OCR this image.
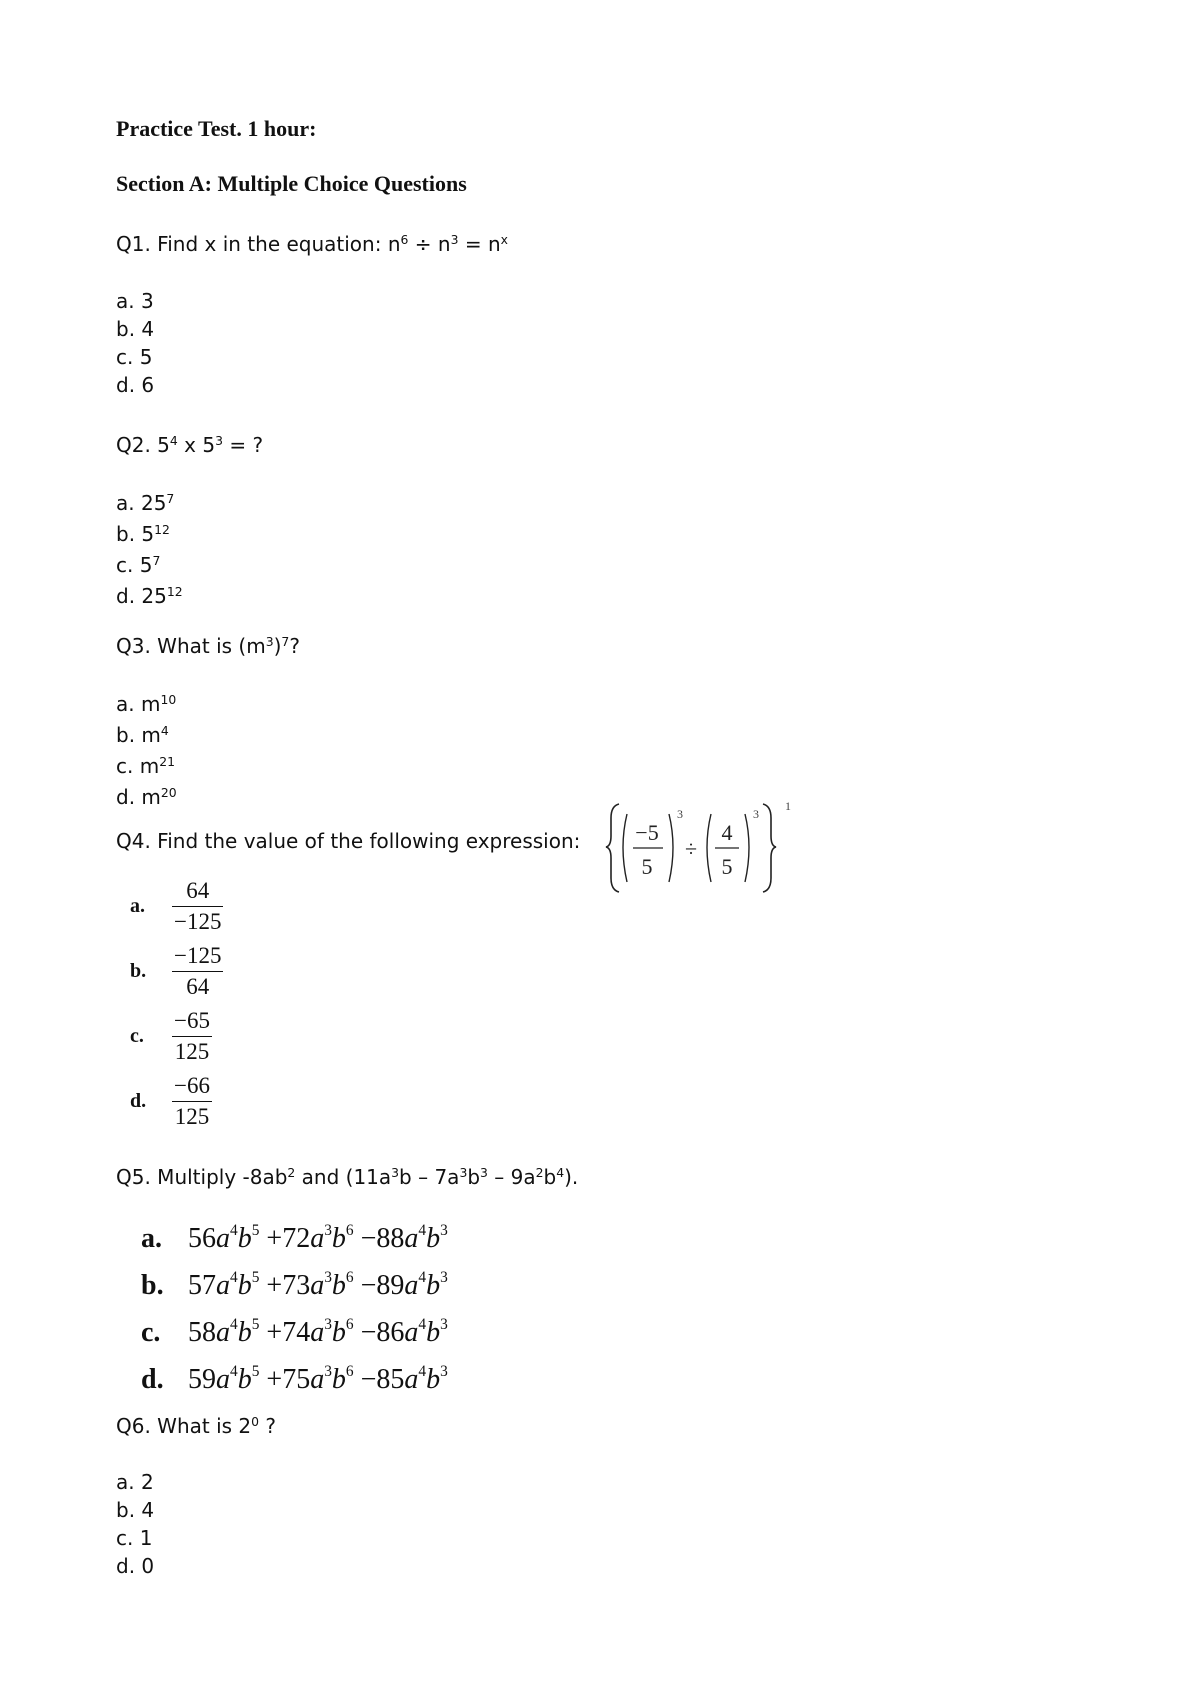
Practice Test. 1 hour:
Section A: Multiple Choice Questions
Q1. Find x in the equation: $n^6 \div n^3 = n^x$
a. 3
b. 4
c. 5
d. 6
Q2. $5^4$ x $5^3$ = ?
a. $25^7$
b. $5^{12}$
c. $5^7$
d. $25^{12}$
Q3. What is $(m^3)^7$?
a. $m^{10}$
b. $m^4$
c. $m^{21}$
d. $m^{20}$
Q4. Find the value of the following expression: −5
5
3
÷
4
5
3
1
a. $\frac{64}{-125}$
b. $\frac{-125}{64}$
c. $\frac{-65}{125}$
d. $\frac{-66}{125}$
Q5. Multiply $-8ab^2$ and $(11a^3b - 7a^3b^3 - 9a^2b^4)$.
a. $56a^4b^5 +72a^3b^6 -88a^4b^3$
b. $57a^4b^5 +73a^3b^6 -89a^4b^3$
c. $58a^4b^5 +74a^3b^6 -86a^4b^3$
d. $59a^4b^5 +75a^3b^6 -85a^4b^3$
Q6. What is $2^0$ ?
a. 2
b. 4
c. 1
d. 0
